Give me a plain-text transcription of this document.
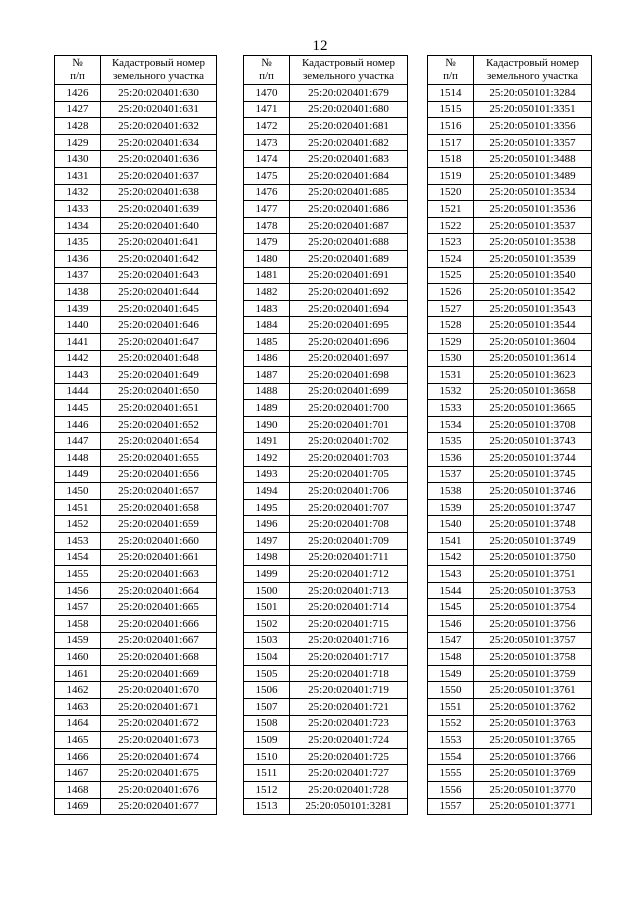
12
№
п/п	Кадастровый номер
земельного участка

1426	25:20:020401:630
1427	25:20:020401:631
1428	25:20:020401:632
1429	25:20:020401:634
1430	25:20:020401:636
1431	25:20:020401:637
1432	25:20:020401:638
1433	25:20:020401:639
1434	25:20:020401:640
1435	25:20:020401:641
1436	25:20:020401:642
1437	25:20:020401:643
1438	25:20:020401:644
1439	25:20:020401:645
1440	25:20:020401:646
1441	25:20:020401:647
1442	25:20:020401:648
1443	25:20:020401:649
1444	25:20:020401:650
1445	25:20:020401:651
1446	25:20:020401:652
1447	25:20:020401:654
1448	25:20:020401:655
1449	25:20:020401:656
1450	25:20:020401:657
1451	25:20:020401:658
1452	25:20:020401:659
1453	25:20:020401:660
1454	25:20:020401:661
1455	25:20:020401:663
1456	25:20:020401:664
1457	25:20:020401:665
1458	25:20:020401:666
1459	25:20:020401:667
1460	25:20:020401:668
1461	25:20:020401:669
1462	25:20:020401:670
1463	25:20:020401:671
1464	25:20:020401:672
1465	25:20:020401:673
1466	25:20:020401:674
1467	25:20:020401:675
1468	25:20:020401:676
1469	25:20:020401:677
№
п/п	Кадастровый номер
земельного участка

1470	25:20:020401:679
1471	25:20:020401:680
1472	25:20:020401:681
1473	25:20:020401:682
1474	25:20:020401:683
1475	25:20:020401:684
1476	25:20:020401:685
1477	25:20:020401:686
1478	25:20:020401:687
1479	25:20:020401:688
1480	25:20:020401:689
1481	25:20:020401:691
1482	25:20:020401:692
1483	25:20:020401:694
1484	25:20:020401:695
1485	25:20:020401:696
1486	25:20:020401:697
1487	25:20:020401:698
1488	25:20:020401:699
1489	25:20:020401:700
1490	25:20:020401:701
1491	25:20:020401:702
1492	25:20:020401:703
1493	25:20:020401:705
1494	25:20:020401:706
1495	25:20:020401:707
1496	25:20:020401:708
1497	25:20:020401:709
1498	25:20:020401:711
1499	25:20:020401:712
1500	25:20:020401:713
1501	25:20:020401:714
1502	25:20:020401:715
1503	25:20:020401:716
1504	25:20:020401:717
1505	25:20:020401:718
1506	25:20:020401:719
1507	25:20:020401:721
1508	25:20:020401:723
1509	25:20:020401:724
1510	25:20:020401:725
1511	25:20:020401:727
1512	25:20:020401:728
1513	25:20:050101:3281
№
п/п	Кадастровый номер
земельного участка

1514	25:20:050101:3284
1515	25:20:050101:3351
1516	25:20:050101:3356
1517	25:20:050101:3357
1518	25:20:050101:3488
1519	25:20:050101:3489
1520	25:20:050101:3534
1521	25:20:050101:3536
1522	25:20:050101:3537
1523	25:20:050101:3538
1524	25:20:050101:3539
1525	25:20:050101:3540
1526	25:20:050101:3542
1527	25:20:050101:3543
1528	25:20:050101:3544
1529	25:20:050101:3604
1530	25:20:050101:3614
1531	25:20:050101:3623
1532	25:20:050101:3658
1533	25:20:050101:3665
1534	25:20:050101:3708
1535	25:20:050101:3743
1536	25:20:050101:3744
1537	25:20:050101:3745
1538	25:20:050101:3746
1539	25:20:050101:3747
1540	25:20:050101:3748
1541	25:20:050101:3749
1542	25:20:050101:3750
1543	25:20:050101:3751
1544	25:20:050101:3753
1545	25:20:050101:3754
1546	25:20:050101:3756
1547	25:20:050101:3757
1548	25:20:050101:3758
1549	25:20:050101:3759
1550	25:20:050101:3761
1551	25:20:050101:3762
1552	25:20:050101:3763
1553	25:20:050101:3765
1554	25:20:050101:3766
1555	25:20:050101:3769
1556	25:20:050101:3770
1557	25:20:050101:3771
